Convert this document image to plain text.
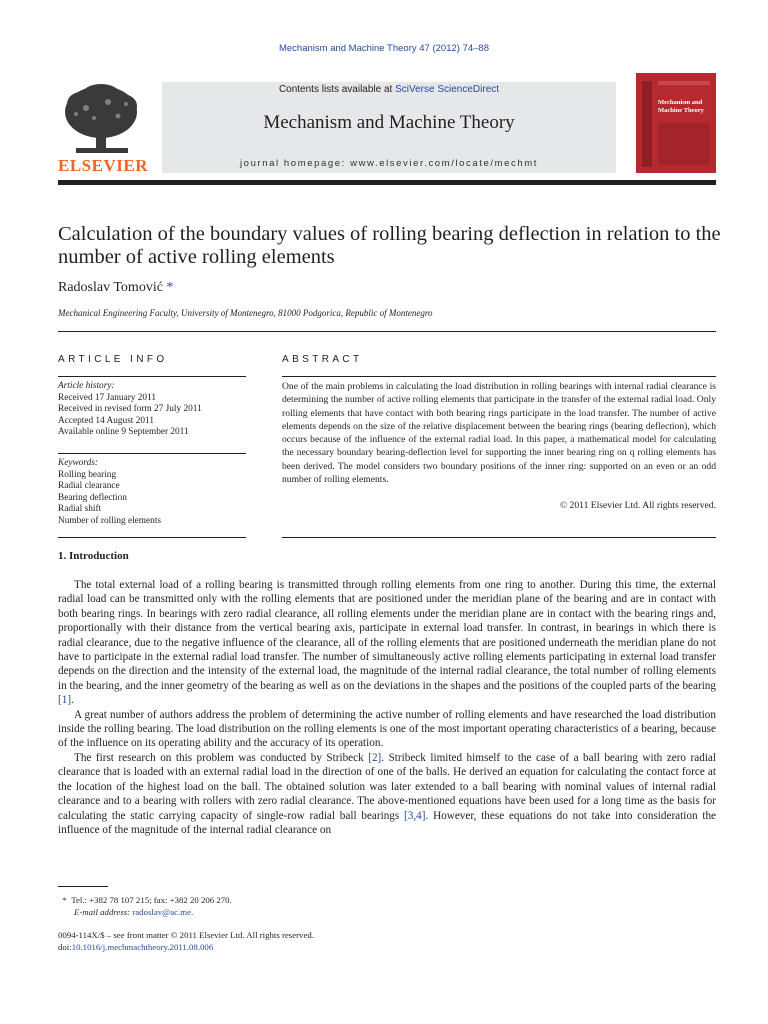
Mechanism and Machine Theory 47 (2012) 74–88
ELSEVIER
Contents lists available at SciVerse ScienceDirect
Mechanism and Machine Theory
journal homepage: www.elsevier.com/locate/mechmt
Mechanism and Machine Theory
Calculation of the boundary values of rolling bearing deflection in relation to the number of active rolling elements
Radoslav Tomović *
Mechanical Engineering Faculty, University of Montenegro, 81000 Podgorica, Republic of Montenegro
ARTICLE INFO	ABSTRACT
Article history:
Received 17 January 2011
Received in revised form 27 July 2011
Accepted 14 August 2011
Available online 9 September 2011
Keywords:
Rolling bearing
Radial clearance
Bearing deflection
Radial shift
Number of rolling elements
One of the main problems in calculating the load distribution in rolling bearings with internal radial clearance is determining the number of active rolling elements that participate in the transfer of the external radial load. Only rolling elements that have contact with both bearing rings participate in the load transfer. The number of active elements depends on the size of the relative displacement between the bearing rings (bearing deflection), which occurs because of the influence of the external radial load. In this paper, a mathematical model for calculating the necessary boundary bearing-deflection level for supporting the inner bearing ring on q rolling elements has been derived. The model considers two boundary positions of the inner ring: supported on an even or an odd number of rolling elements.
© 2011 Elsevier Ltd. All rights reserved.
1. Introduction

The total external load of a rolling bearing is transmitted through rolling elements from one ring to another. During this time, the external radial load can be transmitted only with the rolling elements that are positioned under the meridian plane of the bearing and are in contact with both bearing rings. In bearings with zero radial clearance, all rolling elements under the meridian plane are in contact with the bearing rings and, proportionally with their distance from the vertical bearing axis, participate in external load transfer. In contrast, in bearings in which there is radial clearance, due to the negative influence of the clearance, all of the rolling elements that are positioned underneath the meridian plane do not have to participate in the external radial load transfer. The number of simultaneously active rolling elements participating in external load transfer depends on the direction and the intensity of the external load, the magnitude of the internal radial clearance, the total number of rolling elements in the bearing, and the inner geometry of the bearing as well as on the deviations in the shapes and the positions of the coupled parts of the bearing [1].

A great number of authors address the problem of determining the active number of rolling elements and have researched the load distribution inside the rolling bearing. The load distribution on the rolling elements is one of the most important operating characteristics of a bearing, because of the influence on its operating ability and the accuracy of its operation.

The first research on this problem was conducted by Stribeck [2]. Stribeck limited himself to the case of a ball bearing with zero radial clearance that is loaded with an external radial load in the direction of one of the balls. He derived an equation for calculating the contact force at the location of the highest load on the ball. The obtained solution was later extended to a ball bearing with nominal values of internal radial clearance and to a bearing with rollers with zero radial clearance. The above-mentioned equations have been used for a long time as the basis for calculating the static carrying capacity of single-row radial ball bearings [3,4]. However, these equations do not take into consideration the influence of the magnitude of the internal radial clearance on

* Tel.: +382 78 107 215; fax: +382 20 206 270.
E-mail address: radoslav@ac.me.
0094-114X/$ – see front matter © 2011 Elsevier Ltd. All rights reserved.
doi:10.1016/j.mechmachtheory.2011.08.006
